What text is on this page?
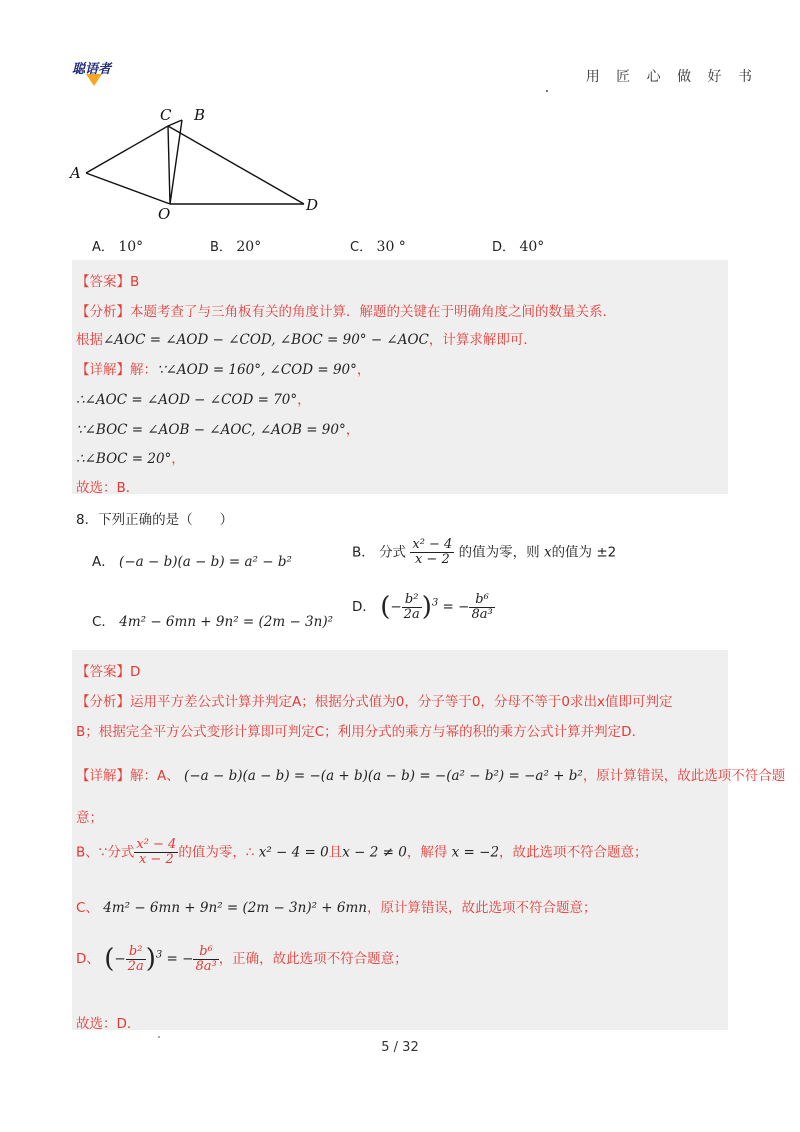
聪语者	用 匠 心 做 好 书
A
C B
O	D
A． 10°	B． 20°	C． 30 °	D． 40°
【答案】B
【分析】本题考查了与三角板有关的角度计算．解题的关键在于明确角度之间的数量关系．
根据∠AOC = ∠AOD − ∠COD, ∠BOC = 90° − ∠AOC，计算求解即可．
【详解】解：∵∠AOD = 160°, ∠COD = 90°，
∴∠AOC = ∠AOD − ∠COD = 70°，
∵∠BOC = ∠AOB − ∠AOC, ∠AOB = 90°，
∴∠BOC = 20°，
故选：B．
8．下列正确的是（　　）
A． (−a − b)(a − b) = a² − b²
B． 分式 $\frac{\text{x² − 4}}{x - 2}$ 的值为零，则 x的值为 ±2
C． 4m² − 6mn + 9n² = (2m − 3n)²
D． (− $\frac{\text{b²}}{2a} )^3$ = − $\frac{\text{b⁶}}{\text{8a³}}$
【答案】D
【分析】运用平方差公式计算并判定A；根据分式值为0，分子等于0，分母不等于0求出x值即可判定
B；根据完全平方公式变形计算即可判定C；利用分式的乘方与幂的积的乘方公式计算并判定D．
【详解】解：A、 (−a − b)(a − b) = −(a + b)(a − b) = −(a² − b²) = −a² + b²，原计算错误，故此选项不符合题
意；
B、∵分式 $\frac{\text{x² − 4}}{x - 2}$ 的值为零，∴ x² − 4 = 0且x − 2 ≠ 0，解得 x = −2，故此选项不符合题意；
C、 4m² − 6mn + 9n² = (2m − 3n)² + 6mn，原计算错误，故此选项不符合题意；
D、 (− $\frac{\text{b²}}{2a} )^3$ = − $\frac{\text{b⁶}}{\text{8a³}}$ ，正确，故此选项不符合题意；
故选：D．
5 / 32
